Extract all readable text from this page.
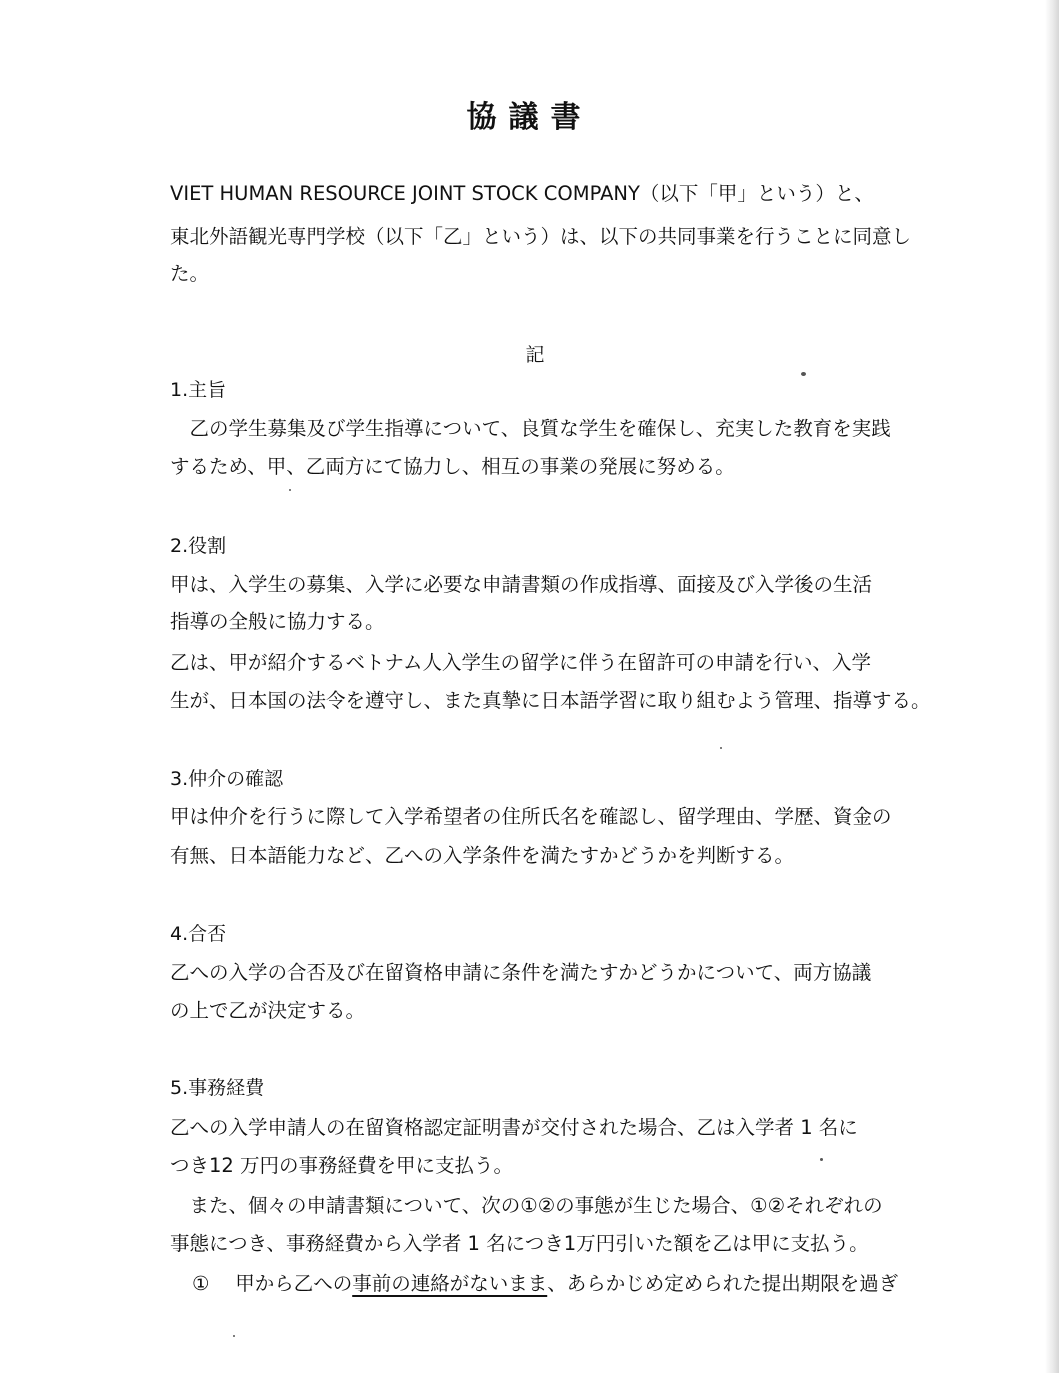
協議書
VIET HUMAN RESOURCE JOINT STOCK COMPANY（以下「甲」という）と、
東北外語観光専門学校（以下「乙」という）は、以下の共同事業を行うことに同意し
た。
記
1.主旨
　乙の学生募集及び学生指導について、良質な学生を確保し、充実した教育を実践
するため、甲、乙両方にて協力し、相互の事業の発展に努める。
2.役割
甲は、入学生の募集、入学に必要な申請書類の作成指導、面接及び入学後の生活
指導の全般に協力する。
乙は、甲が紹介するベトナム人入学生の留学に伴う在留許可の申請を行い、入学
生が、日本国の法令を遵守し、また真摯に日本語学習に取り組むよう管理、指導する。
3.仲介の確認
甲は仲介を行うに際して入学希望者の住所氏名を確認し、留学理由、学歴、資金の
有無、日本語能力など、乙への入学条件を満たすかどうかを判断する。
4.合否
乙への入学の合否及び在留資格申請に条件を満たすかどうかについて、両方協議
の上で乙が決定する。
5.事務経費
乙への入学申請人の在留資格認定証明書が交付された場合、乙は入学者 1 名に
つき12 万円の事務経費を甲に支払う。
　また、個々の申請書類について、次の①②の事態が生じた場合、①②それぞれの
事態につき、事務経費から入学者 1 名につき1万円引いた額を乙は甲に支払う。
①　 甲から乙への事前の連絡がないまま、あらかじめ定められた提出期限を過ぎ
